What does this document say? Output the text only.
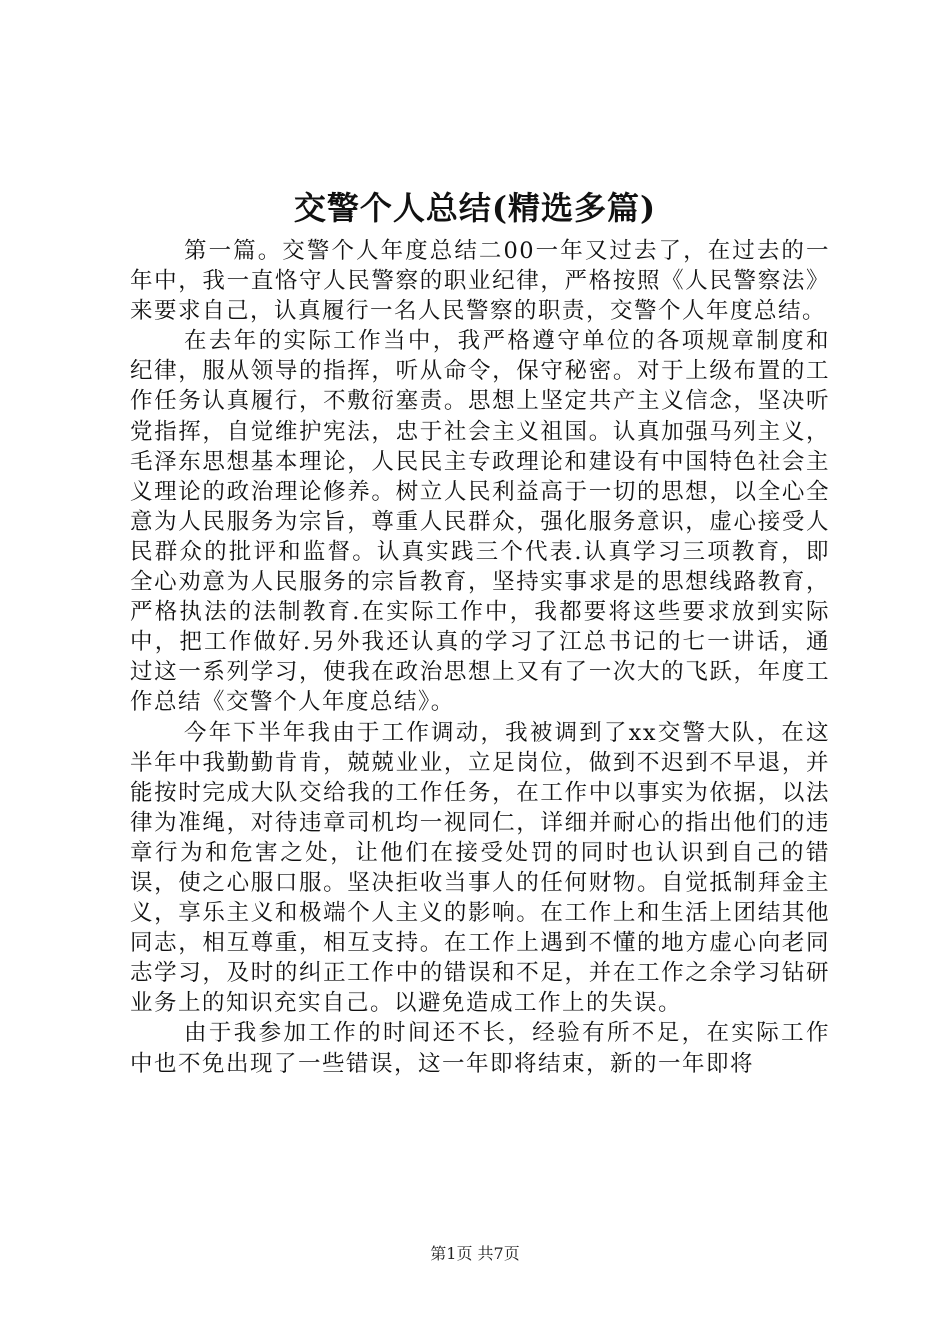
交警个人总结(精选多篇)

第一篇。交警个人年度总结二00一年又过去了，在过去的一年中，我一直恪守人民警察的职业纪律，严格按照《人民警察法》来要求自己，认真履行一名人民警察的职责，交警个人年度总结。

在去年的实际工作当中，我严格遵守单位的各项规章制度和纪律，服从领导的指挥，听从命令，保守秘密。对于上级布置的工作任务认真履行，不敷衍塞责。思想上坚定共产主义信念，坚决听党指挥，自觉维护宪法，忠于社会主义祖国。认真加强马列主义，毛泽东思想基本理论，人民民主专政理论和建设有中国特色社会主义理论的政治理论修养。树立人民利益高于一切的思想，以全心全意为人民服务为宗旨，尊重人民群众，强化服务意识，虚心接受人民群众的批评和监督。认真实践三个代表.认真学习三项教育，即全心劝意为人民服务的宗旨教育，坚持实事求是的思想线路教育，严格执法的法制教育.在实际工作中，我都要将这些要求放到实际中，把工作做好.另外我还认真的学习了江总书记的七一讲话，通过这一系列学习，使我在政治思想上又有了一次大的飞跃，年度工作总结《交警个人年度总结》。

今年下半年我由于工作调动，我被调到了xx交警大队，在这半年中我勤勤肯肯，兢兢业业，立足岗位，做到不迟到不早退，并能按时完成大队交给我的工作任务，在工作中以事实为依据，以法律为准绳，对待违章司机均一视同仁，详细并耐心的指出他们的违章行为和危害之处，让他们在接受处罚的同时也认识到自己的错误，使之心服口服。坚决拒收当事人的任何财物。自觉抵制拜金主义，享乐主义和极端个人主义的影响。在工作上和生活上团结其他同志，相互尊重，相互支持。在工作上遇到不懂的地方虚心向老同志学习，及时的纠正工作中的错误和不足，并在工作之余学习钻研业务上的知识充实自己。以避免造成工作上的失误。

由于我参加工作的时间还不长，经验有所不足，在实际工作中也不免出现了一些错误，这一年即将结束，新的一年即将

第1页 共7页
